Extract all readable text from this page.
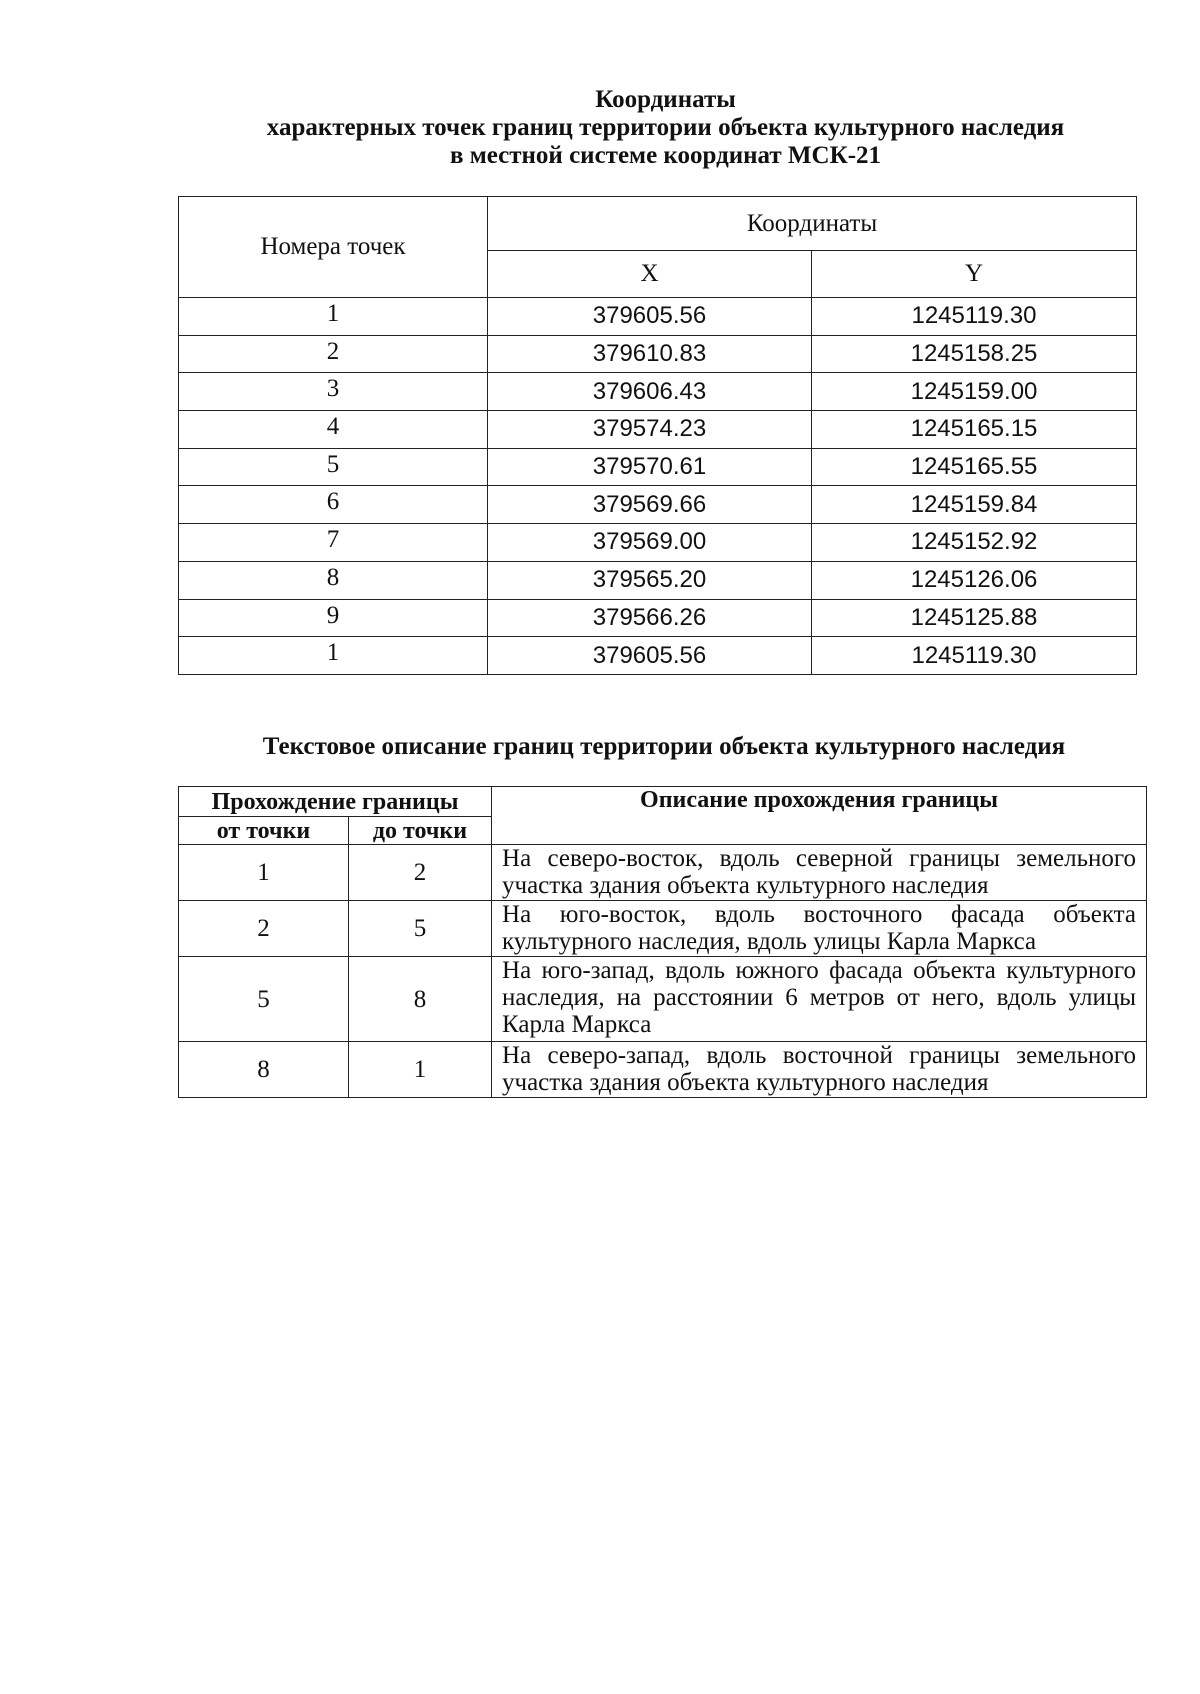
Координаты
характерных точек границ территории объекта культурного наследия
в местной системе координат МСК-21
Номера точек	Координаты	
	X	Y
1	379605.56	1245119.30
2	379610.83	1245158.25
3	379606.43	1245159.00
4	379574.23	1245165.15
5	379570.61	1245165.55
6	379569.66	1245159.84
7	379569.00	1245152.92
8	379565.20	1245126.06
9	379566.26	1245125.88
1	379605.56	1245119.30
Текстовое описание границ территории объекта культурного наследия
Прохождение границы		Описание прохождения границы
от точки	до точки	
1	2	На северо-восток, вдоль северной границы земельного участка здания объекта культурного наследия
2	5	На юго-восток, вдоль восточного фасада объекта культурного наследия, вдоль улицы Карла Маркса
5	8	На юго-запад, вдоль южного фасада объекта культурного наследия, на расстоянии 6 метров от него, вдоль улицы Карла Маркса
8	1	На северо-запад, вдоль восточной границы земельного участка здания объекта культурного наследия
